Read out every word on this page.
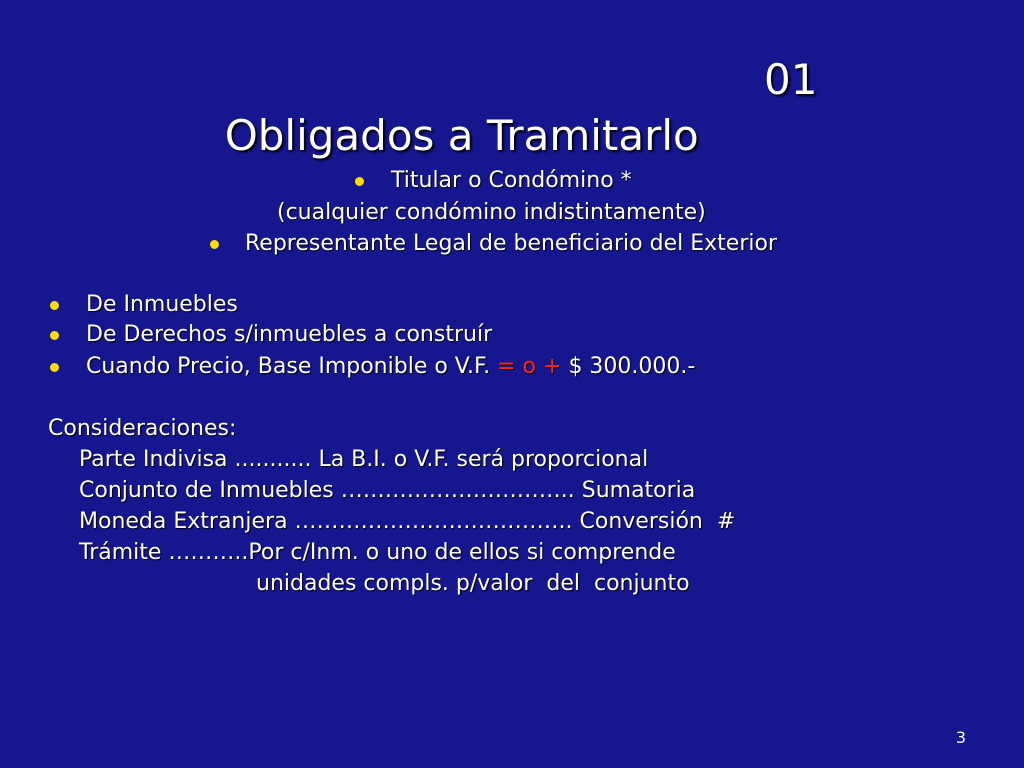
Obligados a Tramitarlo

01

Titular o Condómino *
(cualquier condómino indistintamente)
Representante Legal de beneficiario del Exterior
De Inmuebles
De Derechos s/inmuebles a construír
Cuando Precio, Base Imponible o V.F. = o + $ 300.000.-
Consideraciones:
Parte Indivisa ........... La B.I. o V.F. será proporcional
Conjunto de Inmuebles ………………………….. Sumatoria
Moneda Extranjera ……………………………….. Conversión  #
Trámite ………..Por c/Inm. o uno de ellos si comprende
unidades compls. p/valor  del  conjunto
3
